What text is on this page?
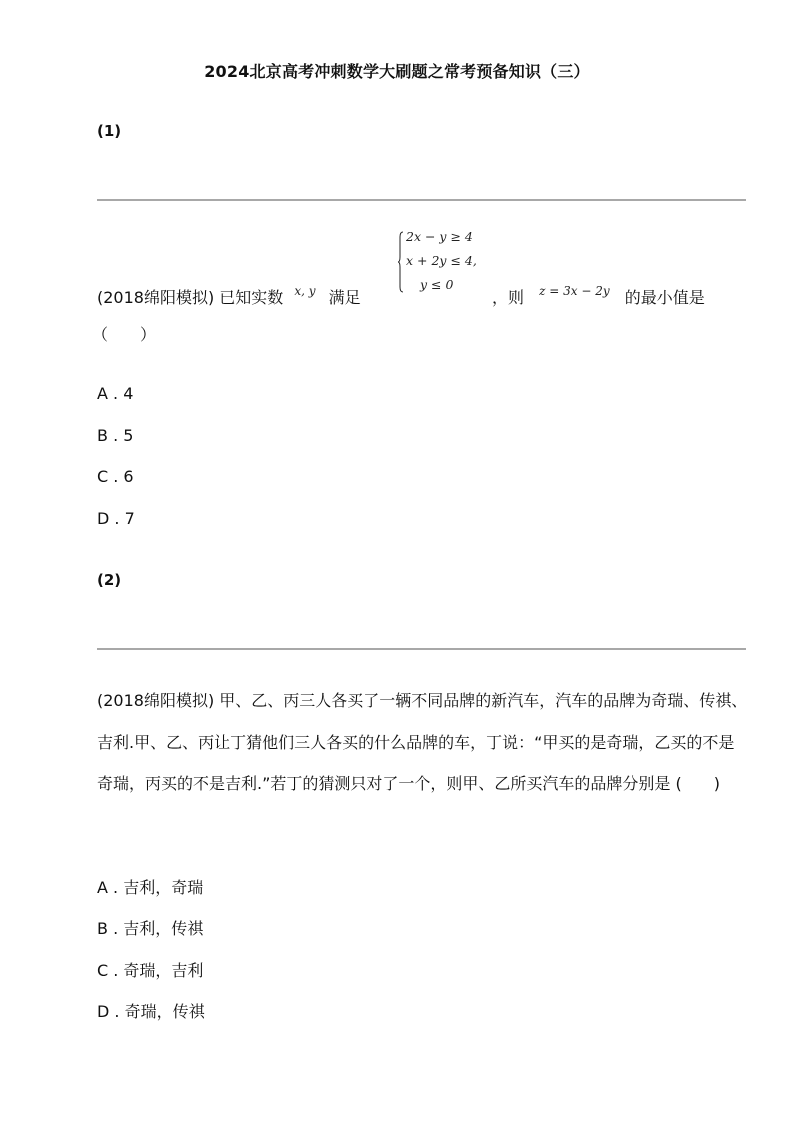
2024北京高考冲刺数学大刷题之常考预备知识（三）
(1)
(2018绵阳模拟) 已知实数 $^{x, y}$ 满足
2x − y ≥ 4
x + 2y ≤ 4,
y ≤ 0
，则 $^{z = 3x - 2y}$ 的最小值是
（　　）
A . 4
B . 5
C . 6
D . 7
(2)
(2018绵阳模拟) 甲、乙、丙三人各买了一辆不同品牌的新汽车，汽车的品牌为奇瑞、传祺、吉利.甲、乙、丙让丁猜他们三人各买的什么品牌的车，丁说：“甲买的是奇瑞，乙买的不是奇瑞，丙买的不是吉利.”若丁的猜测只对了一个，则甲、乙所买汽车的品牌分别是 (　　)
A . 吉利，奇瑞
B . 吉利，传祺
C . 奇瑞，吉利
D . 奇瑞，传祺
